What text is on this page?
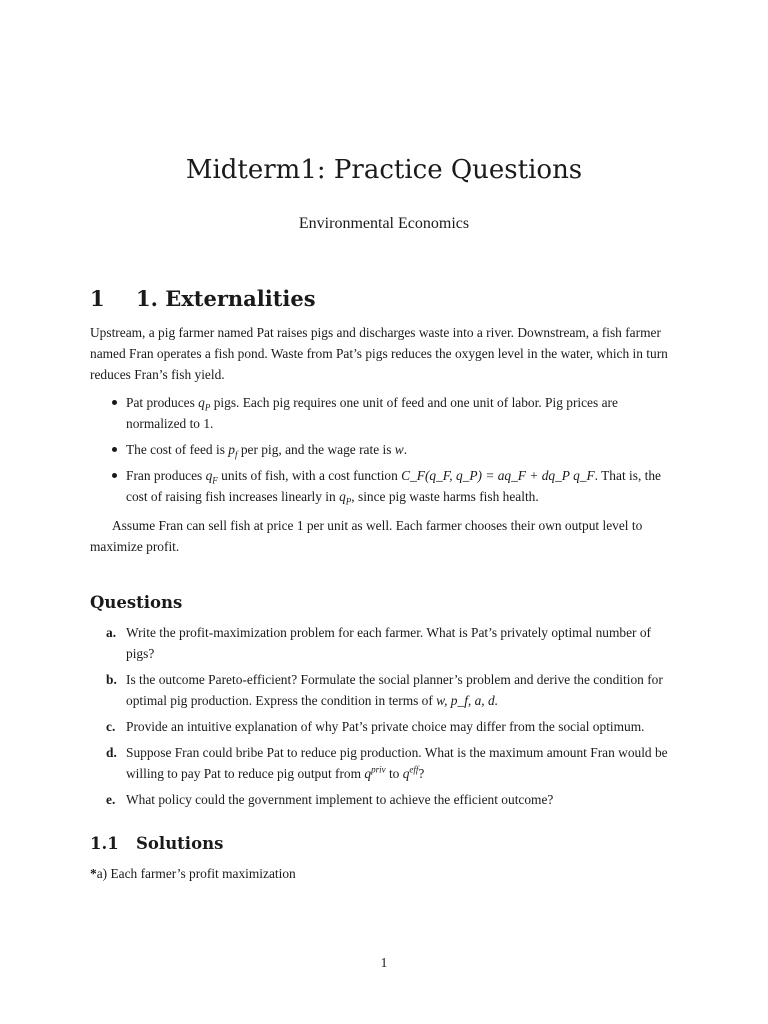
Midterm1: Practice Questions
Environmental Economics
1 1. Externalities
Upstream, a pig farmer named Pat raises pigs and discharges waste into a river. Downstream, a fish farmer named Fran operates a fish pond. Waste from Pat’s pigs reduces the oxygen level in the water, which in turn reduces Fran’s fish yield.
Pat produces $q_P$ pigs. Each pig requires one unit of feed and one unit of labor. Pig prices are normalized to 1.
The cost of feed is $p_f$ per pig, and the wage rate is w.
Fran produces $q_F$ units of fish, with a cost function C_F(q_F, q_P) = aq_F + dq_P q_F. That is, the cost of raising fish increases linearly in $q_P$, since pig waste harms fish health.
Assume Fran can sell fish at price 1 per unit as well. Each farmer chooses their own output level to maximize profit.
Questions
a. Write the profit-maximization problem for each farmer. What is Pat’s privately optimal number of pigs?
b. Is the outcome Pareto-efficient? Formulate the social planner’s problem and derive the condition for optimal pig production. Express the condition in terms of w, p_f, a, d.
c. Provide an intuitive explanation of why Pat’s private choice may differ from the social optimum.
d. Suppose Fran could bribe Pat to reduce pig production. What is the maximum amount Fran would be willing to pay Pat to reduce pig output from $q^{priv}$ to $q^{eff}$?
e. What policy could the government implement to achieve the efficient outcome?
1.1 Solutions
*a) Each farmer’s profit maximization
1
